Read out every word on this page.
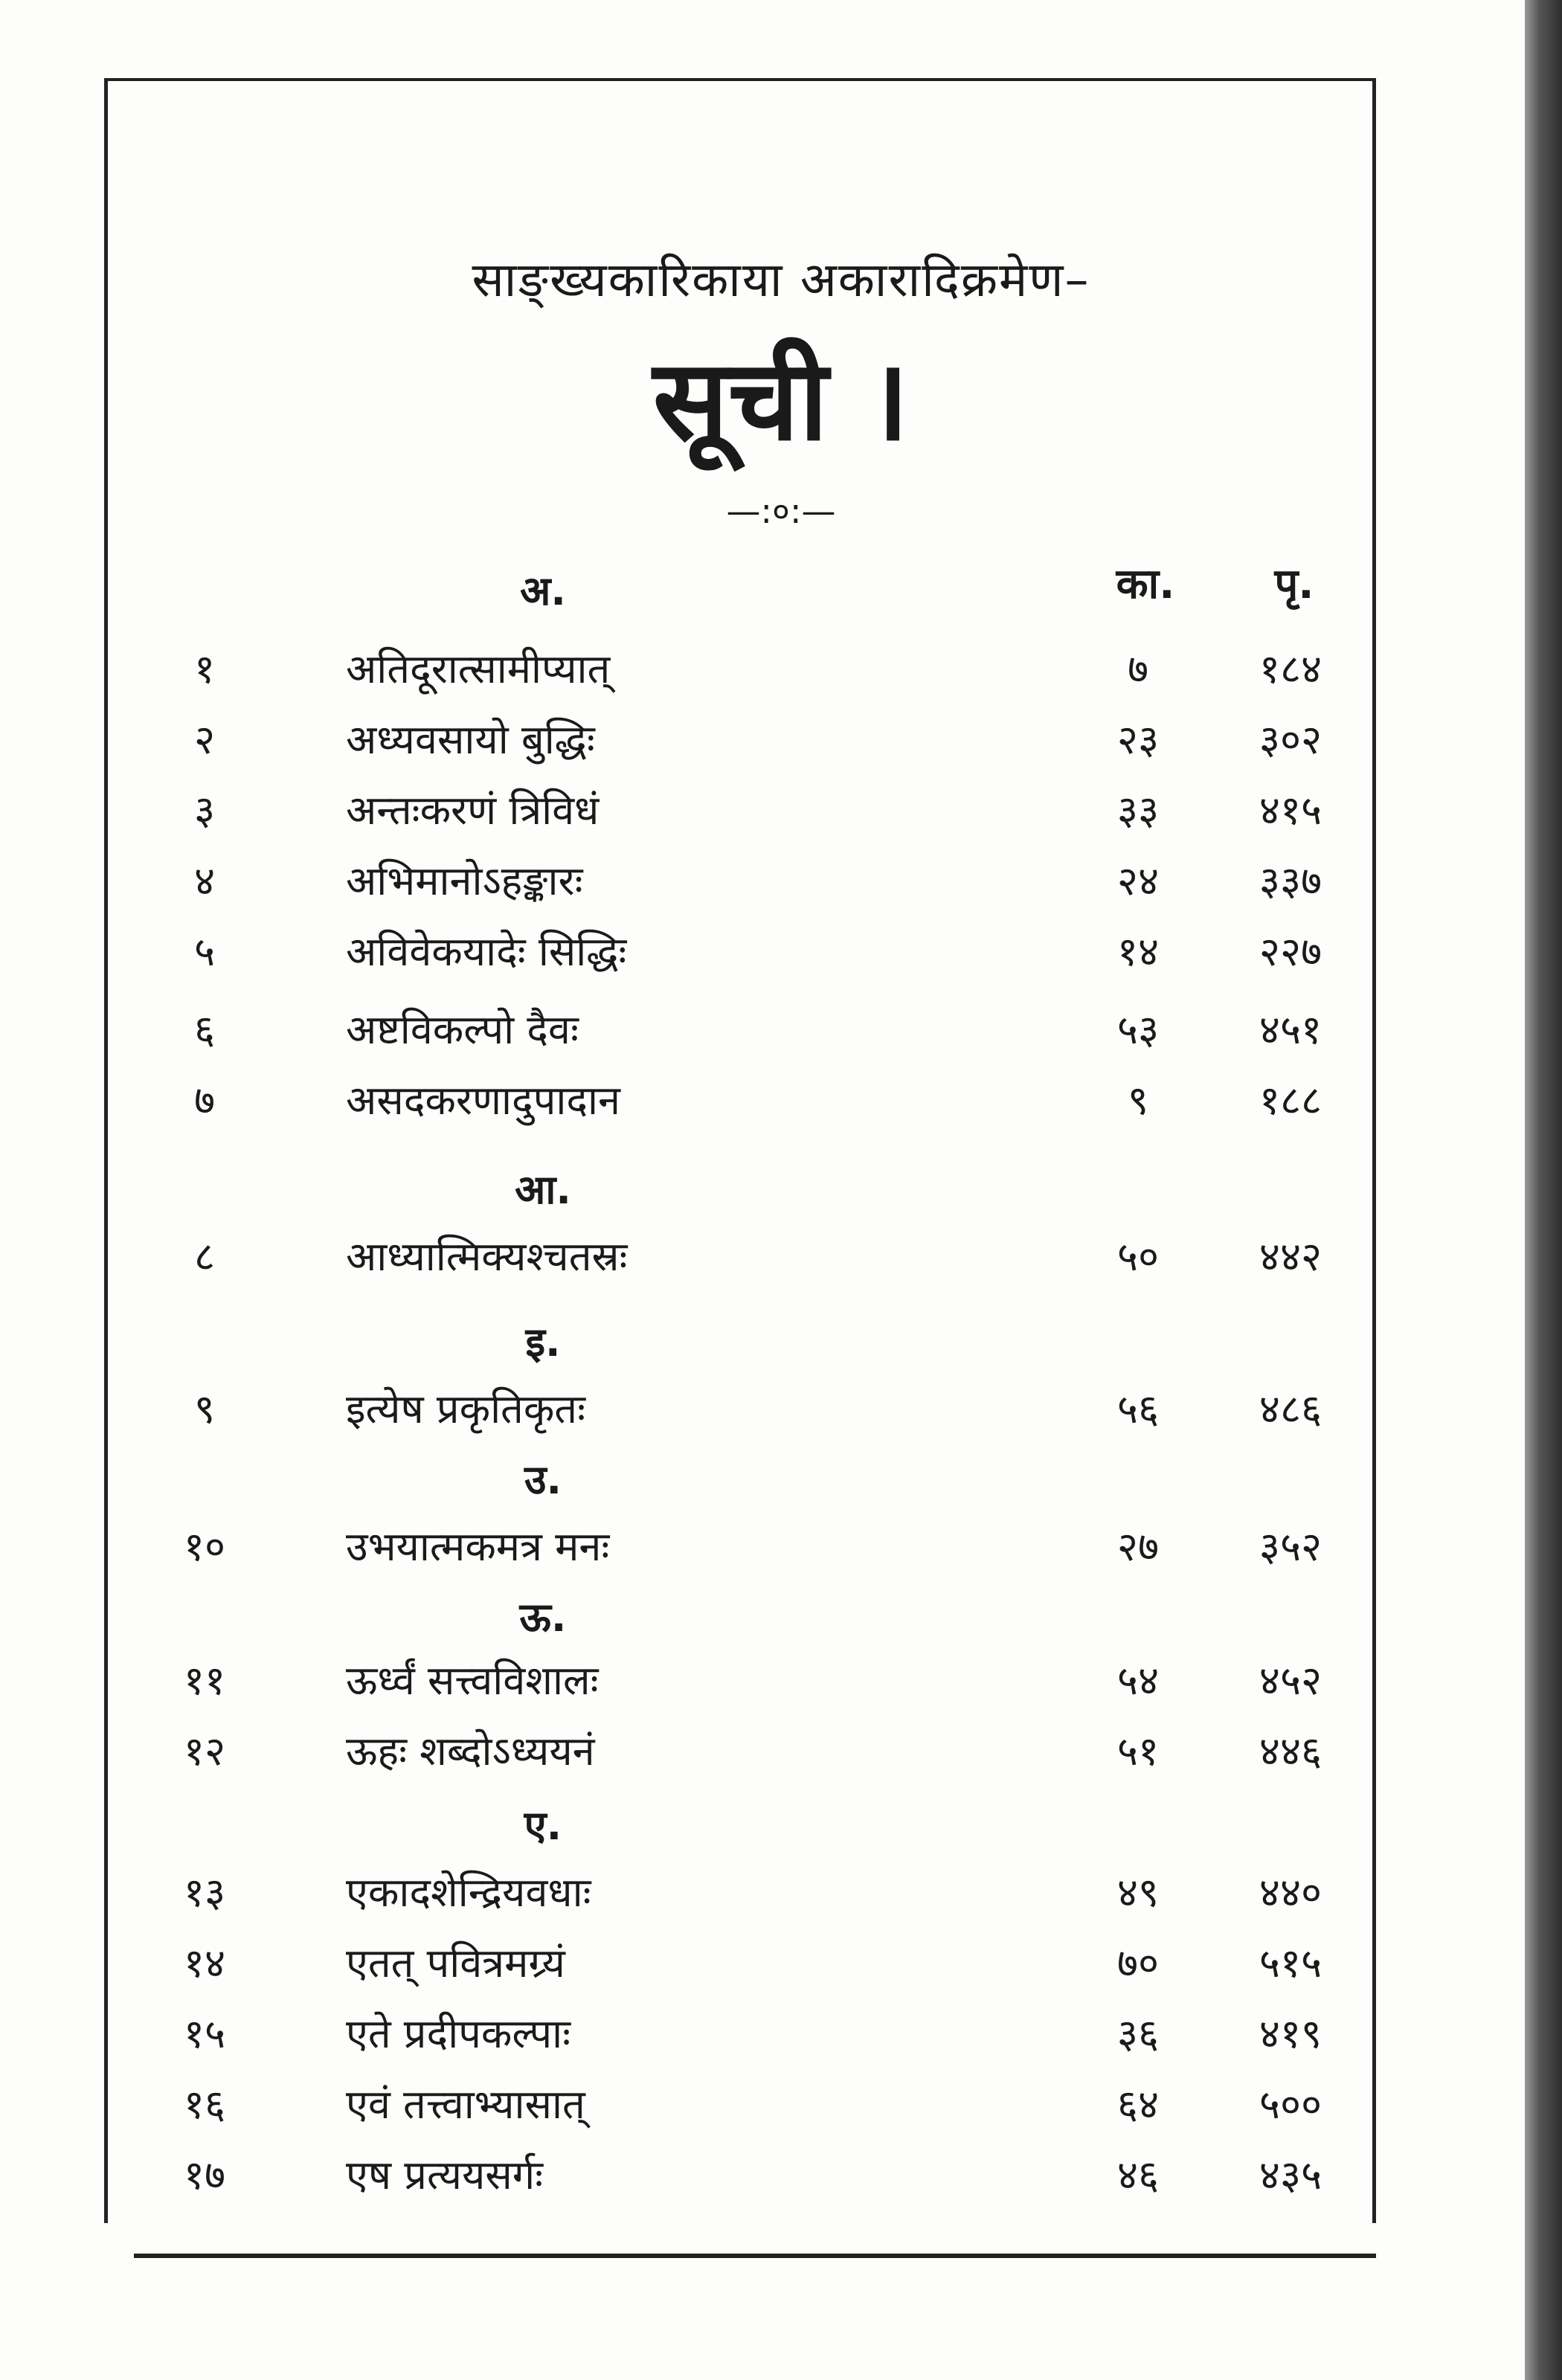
साङ्ख्यकारिकाया अकारादिक्रमेण–
सूची ।
—:०:—
का.	पृ.
अ.
१	अतिदूरात्सामीप्यात्	७	१८४
२	अध्यवसायो बुद्धिः	२३	३०२
३	अन्तःकरणं त्रिविधं	३३	४१५
४	अभिमानोऽहङ्कारः	२४	३३७
५	अविवेकयादेः सिद्धिः	१४	२२७
६	अष्टविकल्पो दैवः	५३	४५१
७	असदकरणादुपादान	९	१८८
आ.
८	आध्यात्मिक्यश्चतस्रः	५०	४४२
इ.
९	इत्येष प्रकृतिकृतः	५६	४८६
उ.
१०	उभयात्मकमत्र मनः	२७	३५२
ऊ.
११	ऊर्ध्वं सत्त्वविशालः	५४	४५२
१२	ऊहः शब्दोऽध्ययनं	५१	४४६
ए.
१३	एकादशेन्द्रियवधाः	४९	४४०
१४	एतत् पवित्रमग्र्यं	७०	५१५
१५	एते प्रदीपकल्पाः	३६	४१९
१६	एवं तत्त्वाभ्यासात्	६४	५००
१७	एष प्रत्ययसर्गः	४६	४३५
